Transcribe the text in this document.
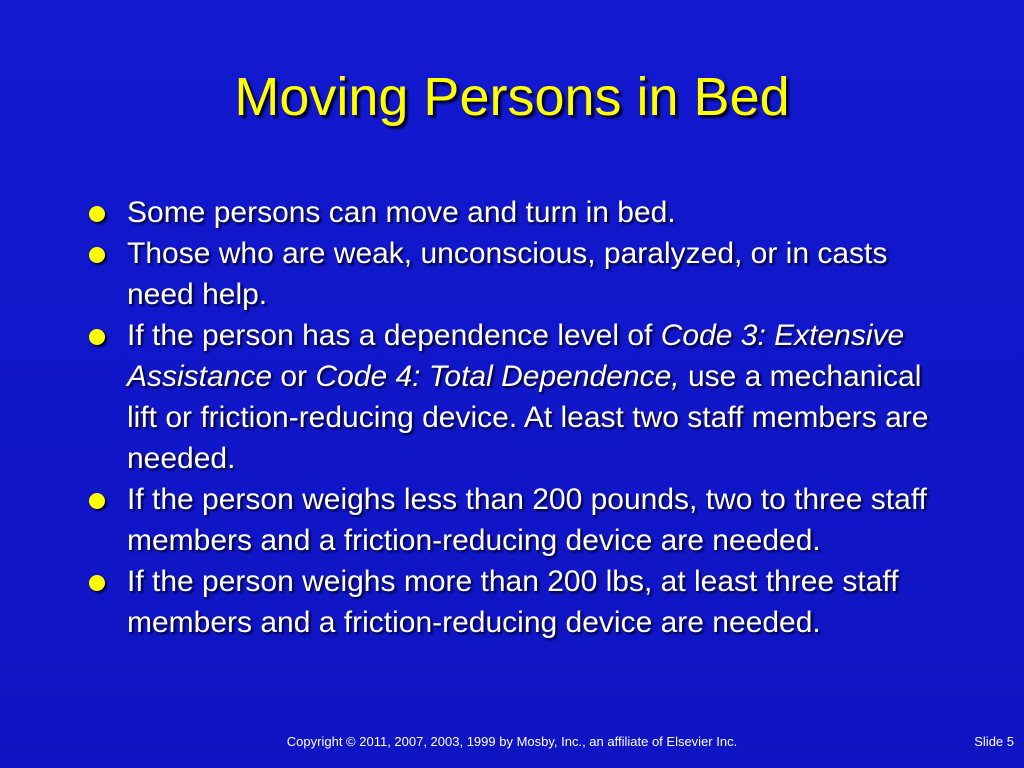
Moving Persons in Bed
Some persons can move and turn in bed.
Those who are weak, unconscious, paralyzed, or in casts need help.
If the person has a dependence level of Code 3: Extensive Assistance or Code 4: Total Dependence, use a mechanical lift or friction-reducing device. At least two staff members are needed.
If the person weighs less than 200 pounds, two to three staff members and a friction-reducing device are needed.
If the person weighs more than 200 lbs, at least three staff members and a friction-reducing device are needed.
Copyright © 2011, 2007, 2003, 1999 by Mosby, Inc., an affiliate of Elsevier Inc.	Slide 5
